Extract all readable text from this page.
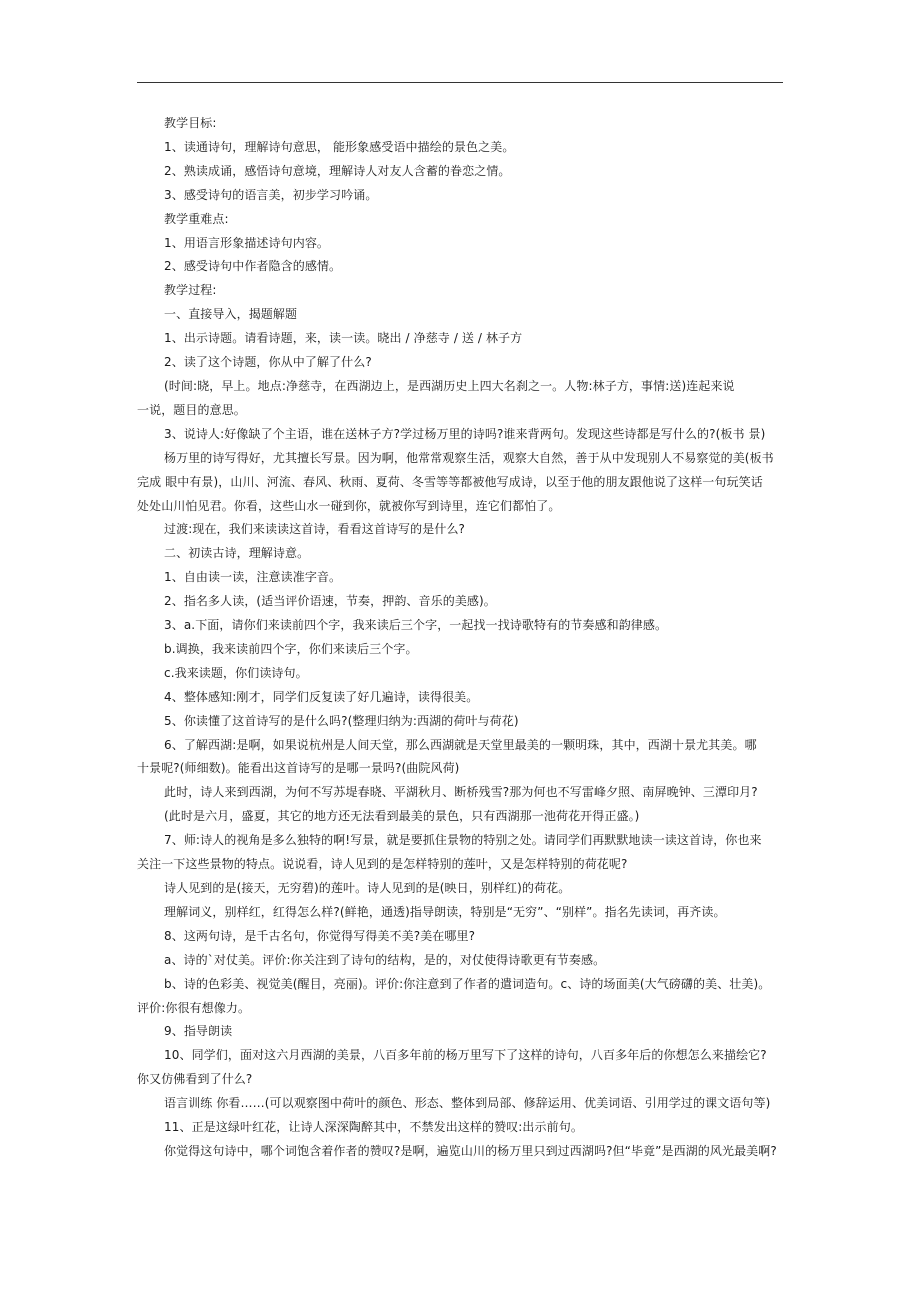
教学目标:
1、读通诗句，理解诗句意思， 能形象感受语中描绘的景色之美。
2、熟读成诵，感悟诗句意境，理解诗人对友人含蓄的眷恋之情。
3、感受诗句的语言美，初步学习吟诵。
教学重难点:
1、用语言形象描述诗句内容。
2、感受诗句中作者隐含的感情。
教学过程:
一、直接导入，揭题解题
1、出示诗题。请看诗题，来，读一读。晓出 / 净慈寺 / 送 / 林子方
2、读了这个诗题，你从中了解了什么?
(时间:晓，早上。地点:净慈寺，在西湖边上，是西湖历史上四大名刹之一。人物:林子方，事情:送)连起来说
一说，题目的意思。
3、说诗人:好像缺了个主语，谁在送林子方?学过杨万里的诗吗?谁来背两句。发现这些诗都是写什么的?(板书 景)
杨万里的诗写得好，尤其擅长写景。因为啊，他常常观察生活，观察大自然，善于从中发现别人不易察觉的美(板书
完成 眼中有景)，山川、河流、春风、秋雨、夏荷、冬雪等等都被他写成诗，以至于他的朋友跟他说了这样一句玩笑话
处处山川怕见君。你看，这些山水一碰到你，就被你写到诗里，连它们都怕了。
过渡:现在，我们来读读这首诗，看看这首诗写的是什么?
二、初读古诗，理解诗意。
1、自由读一读，注意读准字音。
2、指名多人读，(适当评价语速，节奏，押韵、音乐的美感)。
3、a.下面，请你们来读前四个字，我来读后三个字，一起找一找诗歌特有的节奏感和韵律感。
b.调换，我来读前四个字，你们来读后三个字。
c.我来读题，你们读诗句。
4、整体感知:刚才，同学们反复读了好几遍诗，读得很美。
5、你读懂了这首诗写的是什么吗?(整理归纳为:西湖的荷叶与荷花)
6、了解西湖:是啊，如果说杭州是人间天堂，那么西湖就是天堂里最美的一颗明珠，其中，西湖十景尤其美。哪
十景呢?(师细数)。能看出这首诗写的是哪一景吗?(曲院风荷)
此时，诗人来到西湖，为何不写苏堤春晓、平湖秋月、断桥残雪?那为何也不写雷峰夕照、南屏晚钟、三潭印月?
(此时是六月，盛夏，其它的地方还无法看到最美的景色，只有西湖那一池荷花开得正盛。)
7、师:诗人的视角是多么独特的啊!写景，就是要抓住景物的特别之处。请同学们再默默地读一读这首诗，你也来
关注一下这些景物的特点。说说看，诗人见到的是怎样特别的莲叶，又是怎样特别的荷花呢?
诗人见到的是(接天，无穷碧)的莲叶。诗人见到的是(映日，别样红)的荷花。
理解词义，别样红，红得怎么样?(鲜艳，通透)指导朗读，特别是“无穷”、“别样”。指名先读词，再齐读。
8、这两句诗，是千古名句，你觉得写得美不美?美在哪里?
a、诗的`对仗美。评价:你关注到了诗句的结构，是的，对仗使得诗歌更有节奏感。
b、诗的色彩美、视觉美(醒目，亮丽)。评价:你注意到了作者的遣词造句。c、诗的场面美(大气磅礴的美、壮美)。
评价:你很有想像力。
9、指导朗读
10、同学们，面对这六月西湖的美景，八百多年前的杨万里写下了这样的诗句，八百多年后的你想怎么来描绘它?
你又仿佛看到了什么?
语言训练 你看……(可以观察图中荷叶的颜色、形态、整体到局部、修辞运用、优美词语、引用学过的课文语句等)
11、正是这绿叶红花，让诗人深深陶醉其中，不禁发出这样的赞叹:出示前句。
你觉得这句诗中，哪个词饱含着作者的赞叹?是啊，遍览山川的杨万里只到过西湖吗?但“毕竟”是西湖的风光最美啊?
